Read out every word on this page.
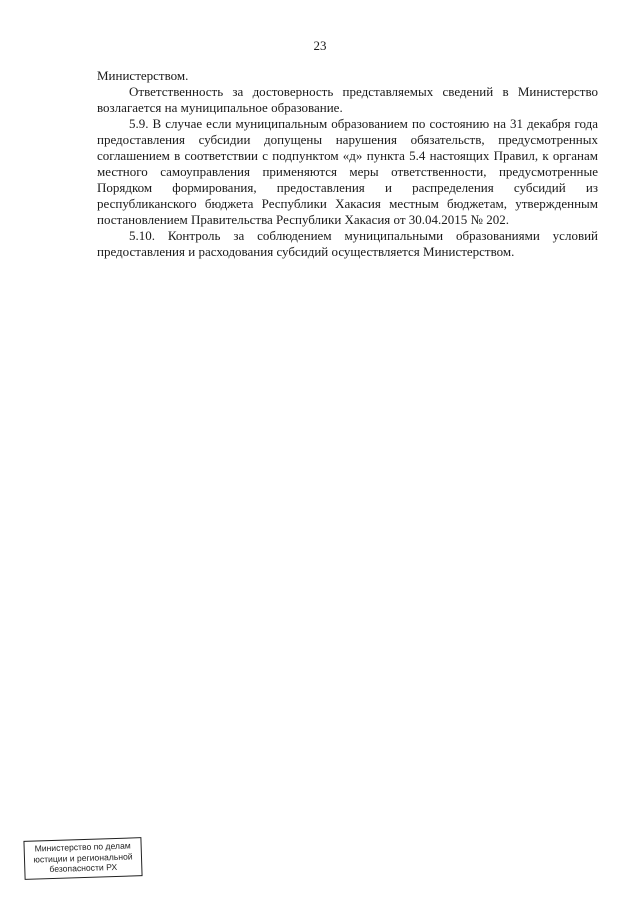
23

Министерством.

Ответственность за достоверность представляемых сведений в Министерство возлагается на муниципальное образование.

5.9. В случае если муниципальным образованием по состоянию на 31 декабря года предоставления субсидии допущены нарушения обязательств, предусмотренных соглашением в соответствии с подпунктом «д» пункта 5.4 настоящих Правил, к органам местного самоуправления применяются меры ответственности, предусмотренные Порядком формирования, предоставления и распределения субсидий из республиканского бюджета Республики Хакасия местным бюджетам, утвержденным постановлением Правительства Республики Хакасия от 30.04.2015 № 202.

5.10. Контроль за соблюдением муниципальными образованиями условий предоставления и расходования субсидий осуществляется Министерством.

Министерство по делам
юстиции и региональной
безопасности РХ
